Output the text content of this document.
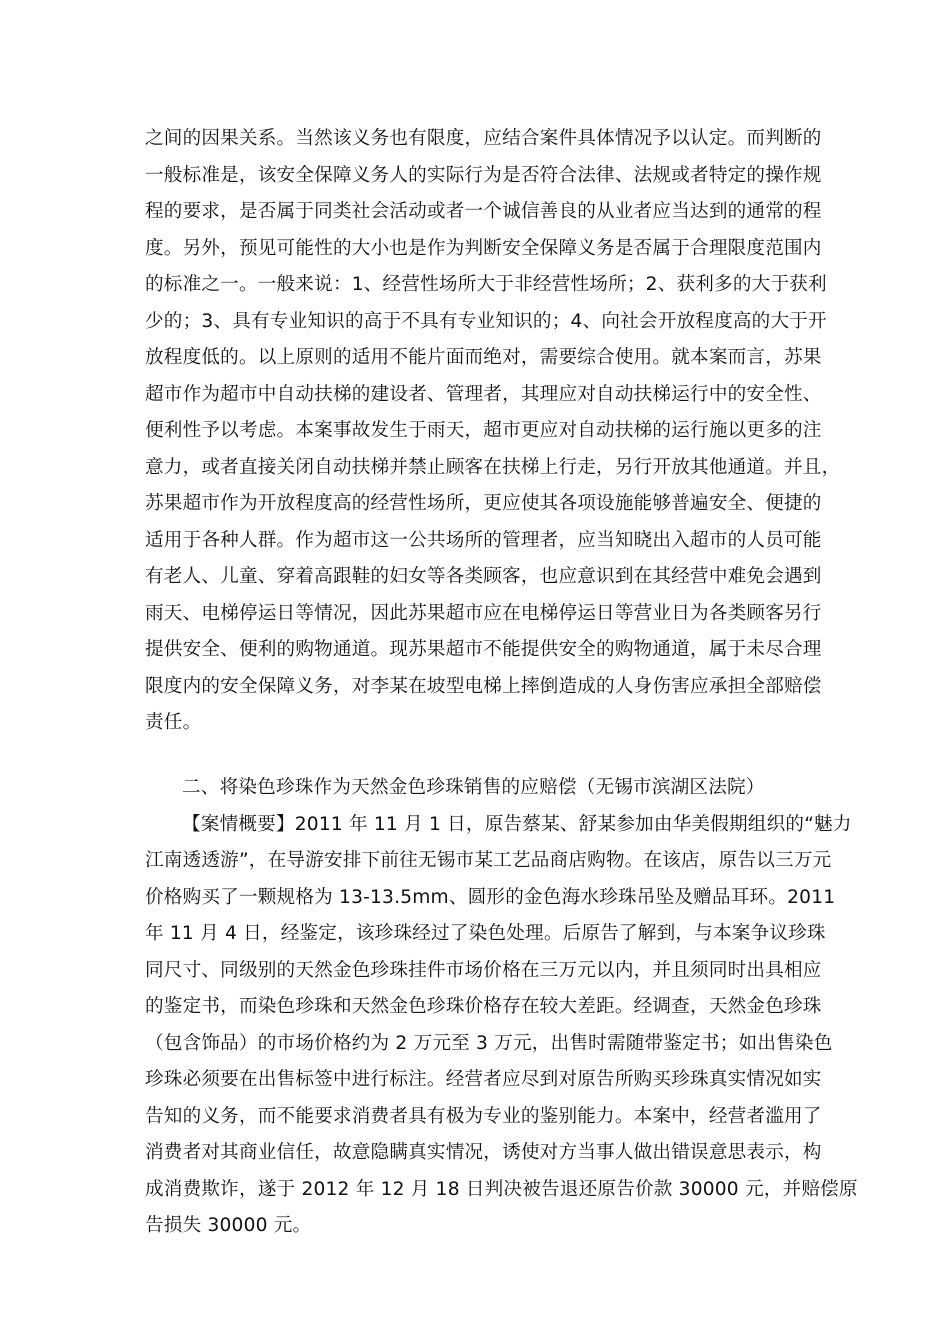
之间的因果关系。当然该义务也有限度，应结合案件具体情况予以认定。而判断的
一般标准是，该安全保障义务人的实际行为是否符合法律、法规或者特定的操作规
程的要求，是否属于同类社会活动或者一个诚信善良的从业者应当达到的通常的程
度。另外，预见可能性的大小也是作为判断安全保障义务是否属于合理限度范围内
的标准之一。一般来说：1、经营性场所大于非经营性场所；2、获利多的大于获利
少的；3、具有专业知识的高于不具有专业知识的；4、向社会开放程度高的大于开
放程度低的。以上原则的适用不能片面而绝对，需要综合使用。就本案而言，苏果
超市作为超市中自动扶梯的建设者、管理者，其理应对自动扶梯运行中的安全性、
便利性予以考虑。本案事故发生于雨天，超市更应对自动扶梯的运行施以更多的注
意力，或者直接关闭自动扶梯并禁止顾客在扶梯上行走，另行开放其他通道。并且，
苏果超市作为开放程度高的经营性场所，更应使其各项设施能够普遍安全、便捷的
适用于各种人群。作为超市这一公共场所的管理者，应当知晓出入超市的人员可能
有老人、儿童、穿着高跟鞋的妇女等各类顾客，也应意识到在其经营中难免会遇到
雨天、电梯停运日等情况，因此苏果超市应在电梯停运日等营业日为各类顾客另行
提供安全、便利的购物通道。现苏果超市不能提供安全的购物通道，属于未尽合理
限度内的安全保障义务，对李某在坡型电梯上摔倒造成的人身伤害应承担全部赔偿
责任。
二、将染色珍珠作为天然金色珍珠销售的应赔偿（无锡市滨湖区法院）
【案情概要】2011 年 11 月 1 日，原告蔡某、舒某参加由华美假期组织的“魅力
江南透透游”，在导游安排下前往无锡市某工艺品商店购物。在该店，原告以三万元
价格购买了一颗规格为 13-13.5mm、圆形的金色海水珍珠吊坠及赠品耳环。2011
年 11 月 4 日，经鉴定，该珍珠经过了染色处理。后原告了解到，与本案争议珍珠
同尺寸、同级别的天然金色珍珠挂件市场价格在三万元以内，并且须同时出具相应
的鉴定书，而染色珍珠和天然金色珍珠价格存在较大差距。经调查，天然金色珍珠
（包含饰品）的市场价格约为 2 万元至 3 万元，出售时需随带鉴定书；如出售染色
珍珠必须要在出售标签中进行标注。经营者应尽到对原告所购买珍珠真实情况如实
告知的义务，而不能要求消费者具有极为专业的鉴别能力。本案中，经营者滥用了
消费者对其商业信任，故意隐瞒真实情况，诱使对方当事人做出错误意思表示，构
成消费欺诈，遂于 2012 年 12 月 18 日判决被告退还原告价款 30000 元，并赔偿原
告损失 30000 元。
